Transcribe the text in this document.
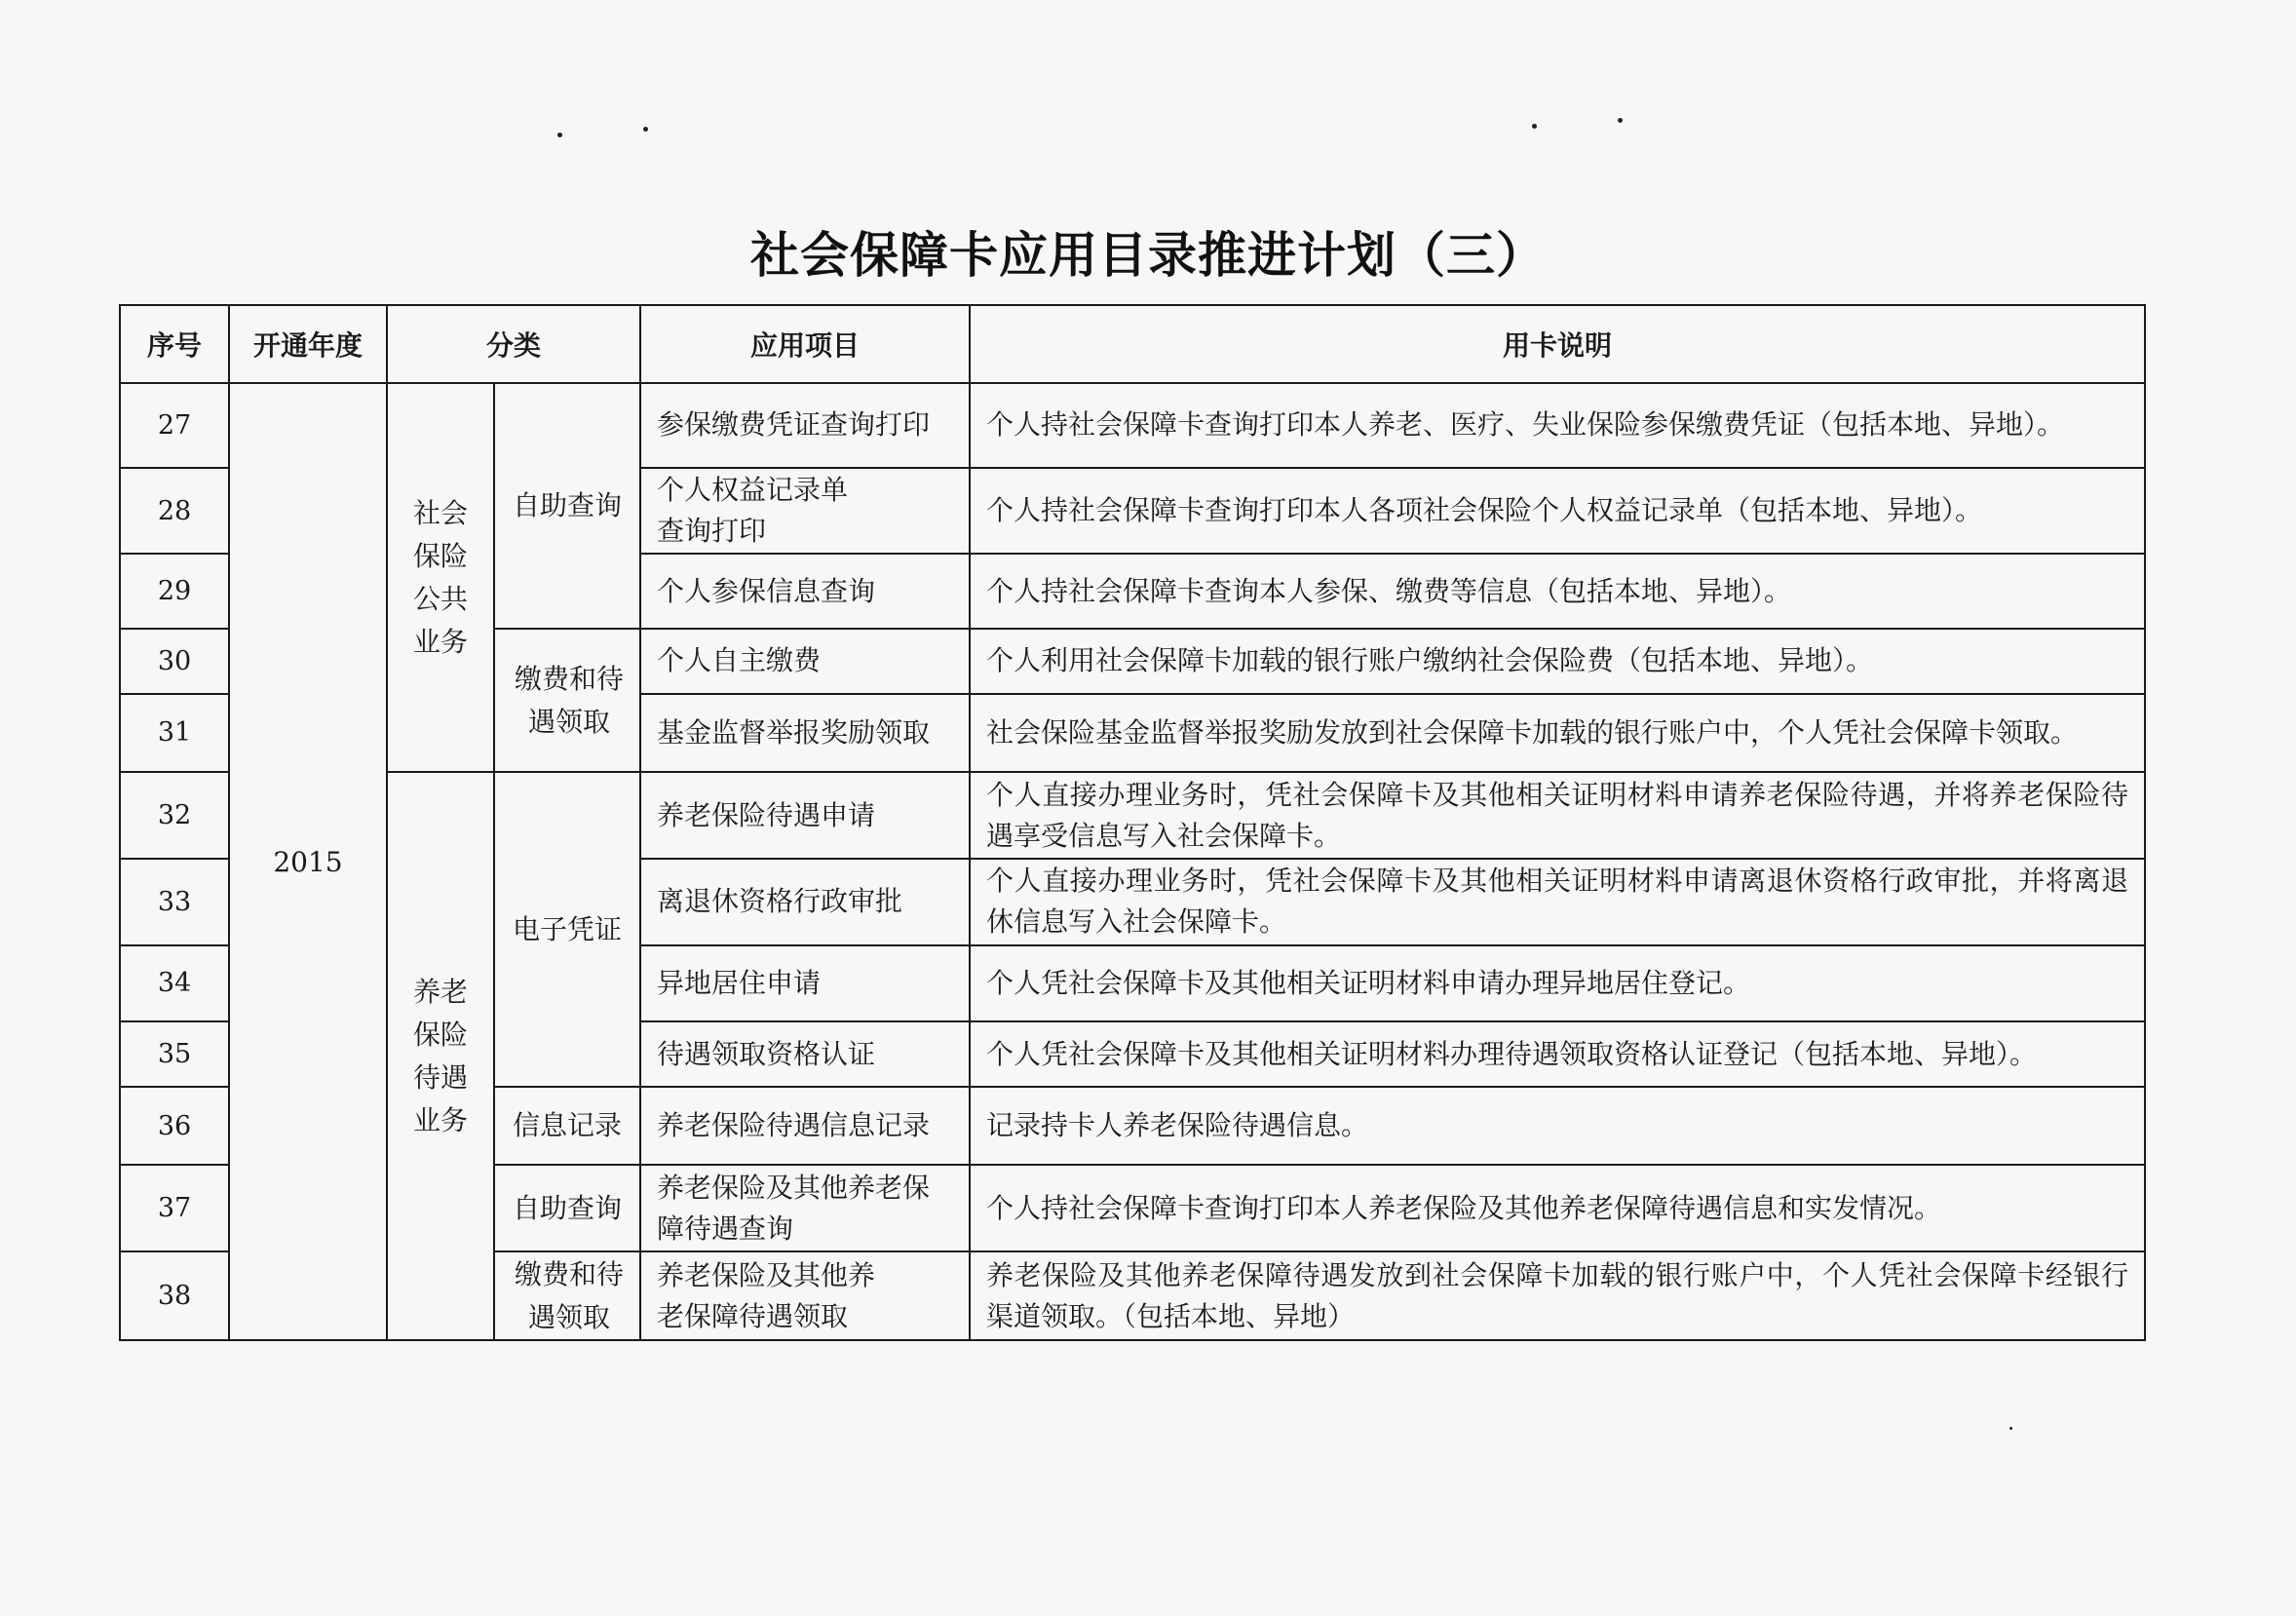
社会保障卡应用目录推进计划（三）
序号	开通年度	分类		应用项目	用卡说明
27	2015	社会保险公共业务	自助查询	参保缴费凭证查询打印	个人持社会保障卡查询打印本人养老、医疗、失业保险参保缴费凭证（包括本地、异地）。
28				个人权益记录单查询打印	个人持社会保障卡查询打印本人各项社会保险个人权益记录单（包括本地、异地）。
29				个人参保信息查询	个人持社会保障卡查询本人参保、缴费等信息（包括本地、异地）。
30			缴费和待遇领取	个人自主缴费	个人利用社会保障卡加载的银行账户缴纳社会保险费（包括本地、异地）。
31				基金监督举报奖励领取	社会保险基金监督举报奖励发放到社会保障卡加载的银行账户中，个人凭社会保障卡领取。
32		养老保险待遇业务	电子凭证	养老保险待遇申请	个人直接办理业务时，凭社会保障卡及其他相关证明材料申请养老保险待遇，并将养老保险待遇享受信息写入社会保障卡。
33				离退休资格行政审批	个人直接办理业务时，凭社会保障卡及其他相关证明材料申请离退休资格行政审批，并将离退休信息写入社会保障卡。
34				异地居住申请	个人凭社会保障卡及其他相关证明材料申请办理异地居住登记。
35				待遇领取资格认证	个人凭社会保障卡及其他相关证明材料办理待遇领取资格认证登记（包括本地、异地）。
36			信息记录	养老保险待遇信息记录	记录持卡人养老保险待遇信息。
37			自助查询	养老保险及其他养老保障待遇查询	个人持社会保障卡查询打印本人养老保险及其他养老保障待遇信息和实发情况。
38			缴费和待遇领取	养老保险及其他养老保障待遇领取	养老保险及其他养老保障待遇发放到社会保障卡加载的银行账户中，个人凭社会保障卡经银行渠道领取。（包括本地、异地）
